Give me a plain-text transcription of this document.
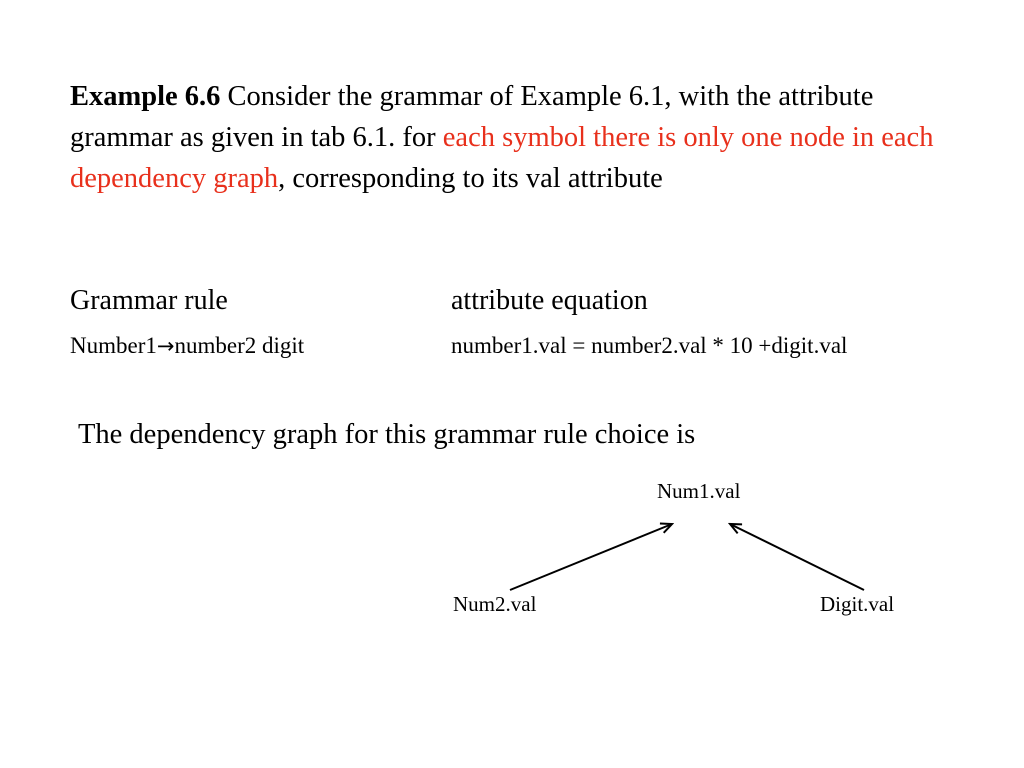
Example 6.6 Consider the grammar of Example 6.1, with the attribute grammar as given in tab 6.1. for each symbol there is only one node in each dependency graph, corresponding to its val attribute

Grammar rule	attribute equation
Number1→number2 digit	number1.val = number2.val * 10 +digit.val
The dependency graph for this grammar rule choice is
Num1.val
Num2.val	Digit.val
